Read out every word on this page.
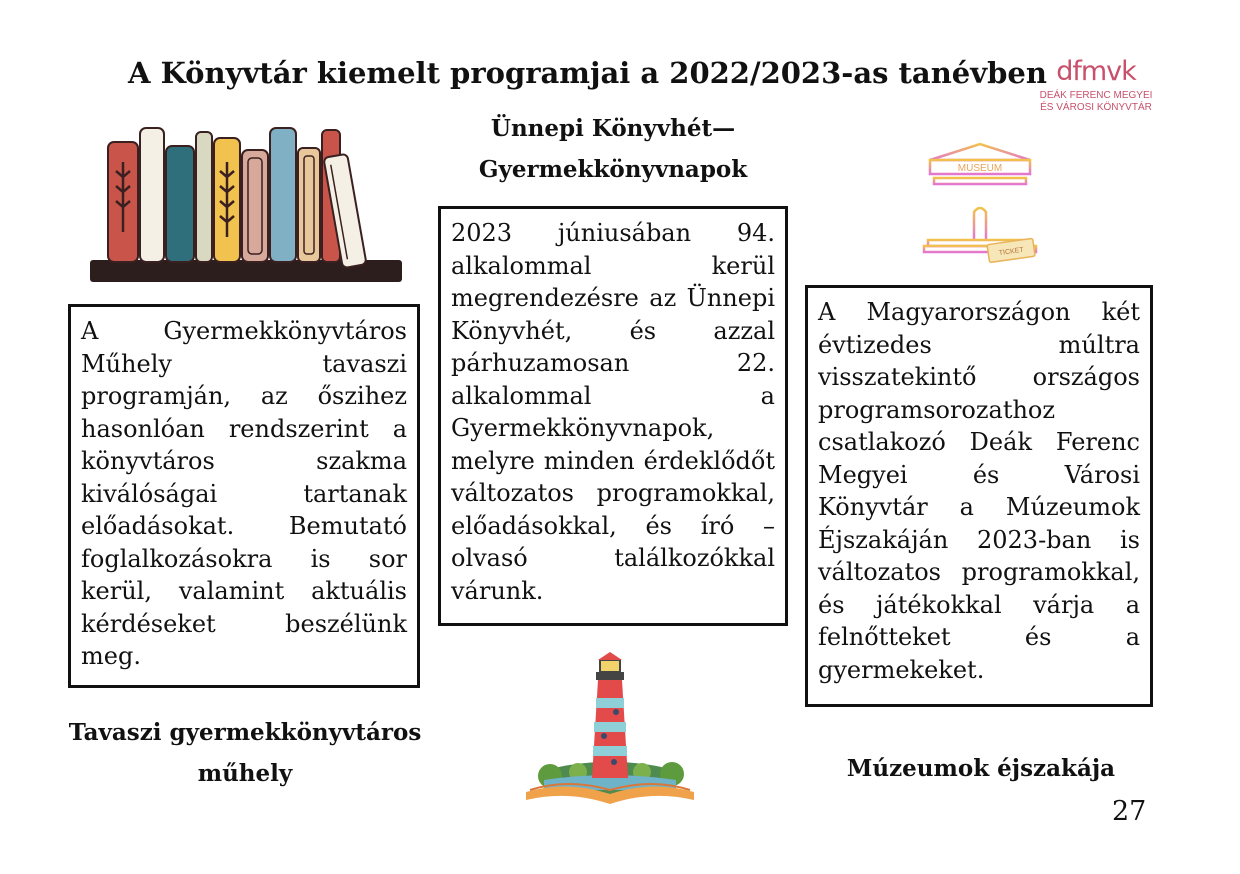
A Könyvtár kiemelt programjai a 2022/2023-as tanévben dfmvk
DEÁK FERENC MEGYEI
ÉS VÁROSI KÖNYVTÁR
Ünnepi Könyvhét—
Gyermekkönyvnapok	MUSEUM
TICKET

2023 júniusában 94. alkalommal kerül megrendezésre az Ünnepi Könyvhét, és azzal párhuzamosan 22. alkalommal a Gyermekkönyvnapok, melyre minden érdeklődőt változatos programokkal, előadásokkal, és író – olvasó találkozókkal várunk.

A Gyermekkönyvtáros Műhely tavaszi programján, az őszihez hasonlóan rendszerint a könyvtáros szakma kiválóságai tartanak előadásokat. Bemutató foglalkozásokra is sor kerül, valamint aktuális kérdéseket beszélünk meg.

A Magyarországon két évtizedes múltra visszatekintő országos programsorozathoz csatlakozó Deák Ferenc Megyei és Városi Könyvtár a Múzeumok Éjszakáján 2023-ban is változatos programokkal, és játékokkal várja a felnőtteket és a gyermekeket.

Tavaszi gyermekkönyvtáros
műhely	Múzeumok éjszakája
27
